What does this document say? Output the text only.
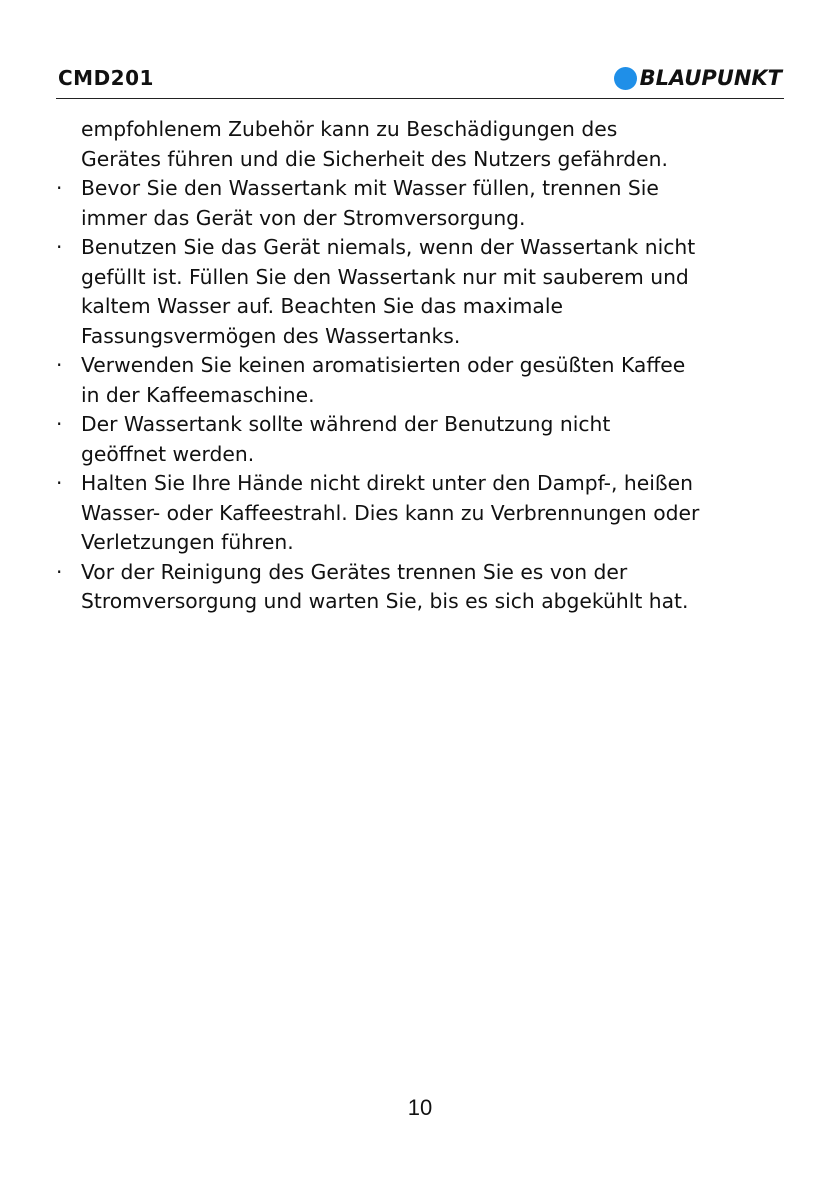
CMD201	BLAUPUNKT
empfohlenem Zubehör kann zu Beschädigungen des
Gerätes führen und die Sicherheit des Nutzers gefährden.
· Bevor Sie den Wassertank mit Wasser füllen, trennen Sie
immer das Gerät von der Stromversorgung.
· Benutzen Sie das Gerät niemals, wenn der Wassertank nicht
gefüllt ist. Füllen Sie den Wassertank nur mit sauberem und
kaltem Wasser auf. Beachten Sie das maximale
Fassungsvermögen des Wassertanks.
· Verwenden Sie keinen aromatisierten oder gesüßten Kaffee
in der Kaffeemaschine.
· Der Wassertank sollte während der Benutzung nicht
geöffnet werden.
· Halten Sie Ihre Hände nicht direkt unter den Dampf-, heißen
Wasser- oder Kaffeestrahl. Dies kann zu Verbrennungen oder
Verletzungen führen.
· Vor der Reinigung des Gerätes trennen Sie es von der
Stromversorgung und warten Sie, bis es sich abgekühlt hat.
10
